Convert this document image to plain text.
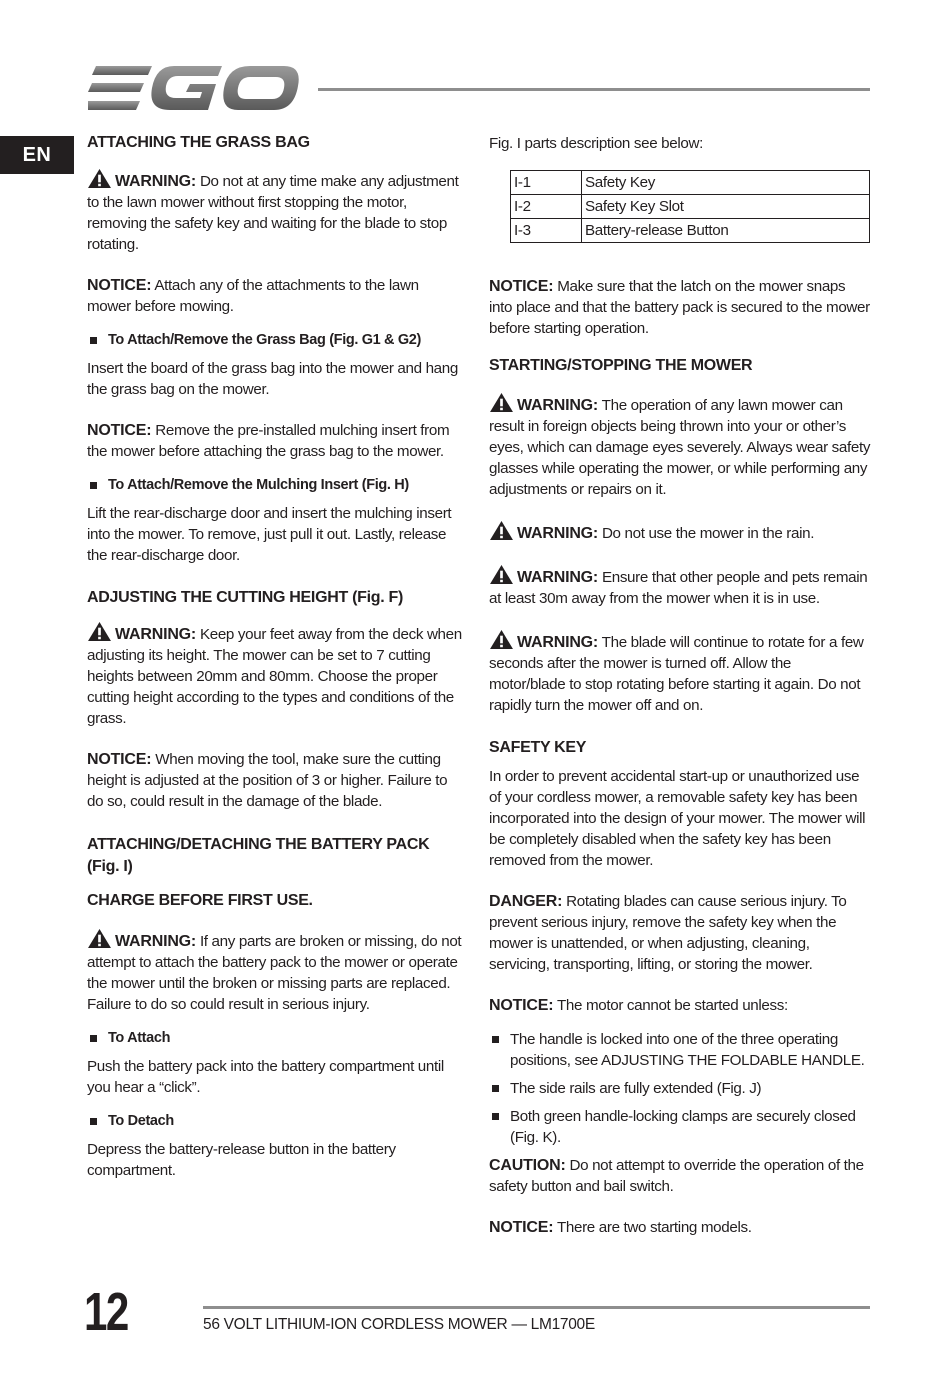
EN
ATTACHING THE GRASS BAG

WARNING: Do not at any time make any adjustment to the lawn mower without first stopping the motor, removing the safety key and waiting for the blade to stop rotating.

NOTICE: Attach any of the attachments to the lawn mower before mowing.

To Attach/Remove the Grass Bag (Fig. G1 & G2)

Insert the board of the grass bag into the mower and hang the grass bag on the mower.

NOTICE: Remove the pre-installed mulching insert from the mower before attaching the grass bag to the mower.

To Attach/Remove the Mulching Insert (Fig. H)

Lift the rear-discharge door and insert the mulching insert into the mower. To remove, just pull it out. Lastly, release the rear-discharge door.

ADJUSTING THE CUTTING HEIGHT (Fig. F)

WARNING: Keep your feet away from the deck when adjusting its height. The mower can be set to 7 cutting heights between 20mm and 80mm. Choose the proper cutting height according to the types and conditions of the grass.

NOTICE: When moving the tool, make sure the cutting height is adjusted at the position of 3 or higher. Failure to do so, could result in the damage of the blade.

ATTACHING/DETACHING THE BATTERY PACK (Fig. I)
CHARGE BEFORE FIRST USE.

WARNING: If any parts are broken or missing, do not attempt to attach the battery pack to the mower or operate the mower until the broken or missing parts are replaced. Failure to do so could result in serious injury.

To Attach

Push the battery pack into the battery compartment until you hear a “click”.

To Detach

Depress the battery-release button in the battery compartment.

Fig. I parts description see below:

I-1	Safety Key
I-2	Safety Key Slot
I-3	Battery-release Button

NOTICE: Make sure that the latch on the mower snaps into place and that the battery pack is secured to the mower before starting operation.

STARTING/STOPPING THE MOWER

WARNING: The operation of any lawn mower can result in foreign objects being thrown into your or other’s eyes, which can damage eyes severely. Always wear safety glasses while operating the mower, or while performing any adjustments or repairs on it.

WARNING: Do not use the mower in the rain.

WARNING: Ensure that other people and pets remain at least 30m away from the mower when it is in use.

WARNING: The blade will continue to rotate for a few seconds after the mower is turned off. Allow the motor/blade to stop rotating before starting it again. Do not rapidly turn the mower off and on.

SAFETY KEY

In order to prevent accidental start-up or unauthorized use of your cordless mower, a removable safety key has been incorporated into the design of your mower. The mower will be completely disabled when the safety key has been removed from the mower.

DANGER: Rotating blades can cause serious injury. To prevent serious injury, remove the safety key when the mower is unattended, or when adjusting, cleaning, servicing, transporting, lifting, or storing the mower.

NOTICE: The motor cannot be started unless:

The handle is locked into one of the three operating positions, see ADJUSTING THE FOLDABLE HANDLE.
The side rails are fully extended (Fig. J)
Both green handle-locking clamps are securely closed (Fig. K).

CAUTION: Do not attempt to override the operation of the safety button and bail switch.

NOTICE: There are two starting models.

12	56 VOLT LITHIUM-ION CORDLESS MOWER — LM1700E
